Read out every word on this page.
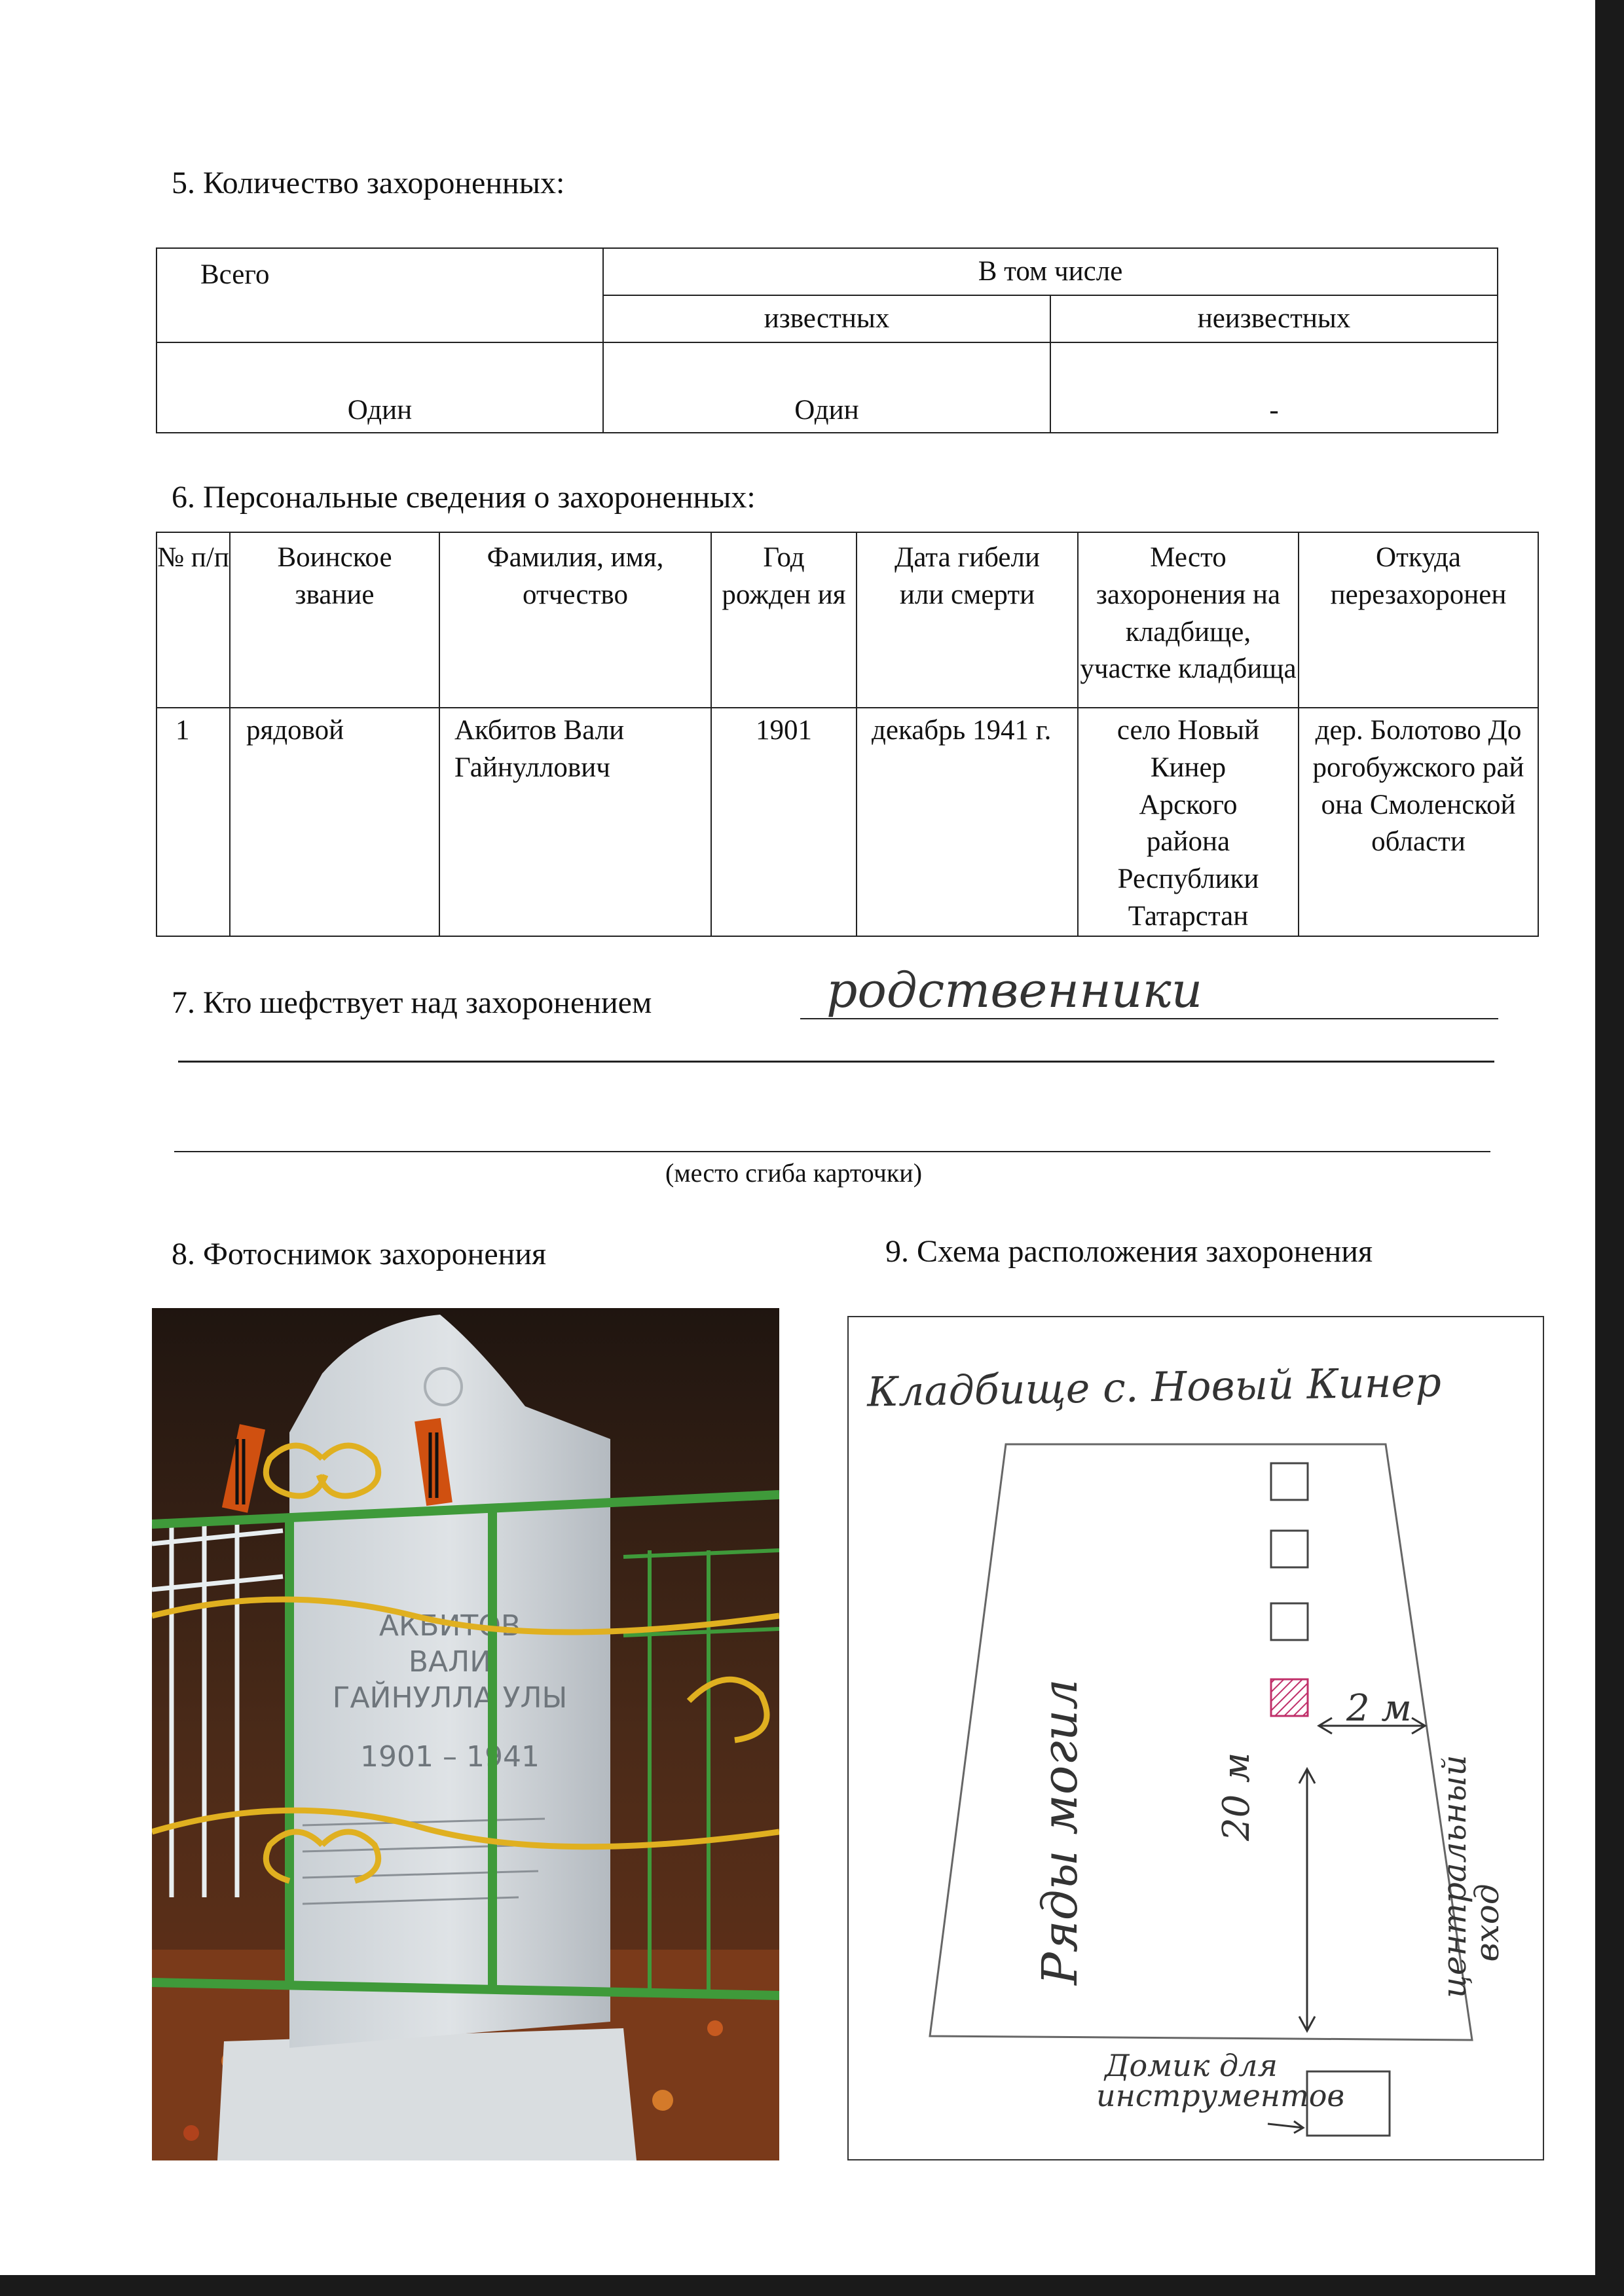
5. Количество захороненных:
Всего	В том числе	
	известных	неизвестных
Один	Один	-
6. Персональные сведения о захороненных:
№ п/п	Воинское звание	Фамилия, имя, отчество	Год рожден ия	Дата гибели или смерти	Место захоронения на кладбище, участке кладбища	Откуда перезахоронен
1	рядовой	Акбитов Вали Гайнуллович	1901	декабрь 1941 г.	село Новый Кинер Арского района Республики Татарстан	дер. Болотово Дорогобужского района Смоленской области
7. Кто шефствует над захоронением	родственники
(место сгиба карточки)
8. Фотоснимок захоронения
АКБИТОВ
ВАЛИ
ГАЙНУЛЛА УЛЫ
1901 – 1941
9. Схема расположения захоронения
Кладбище с. Новый Кинер
2 м
20 м
Ряды могил	центральный вход
Домик для инструментов
